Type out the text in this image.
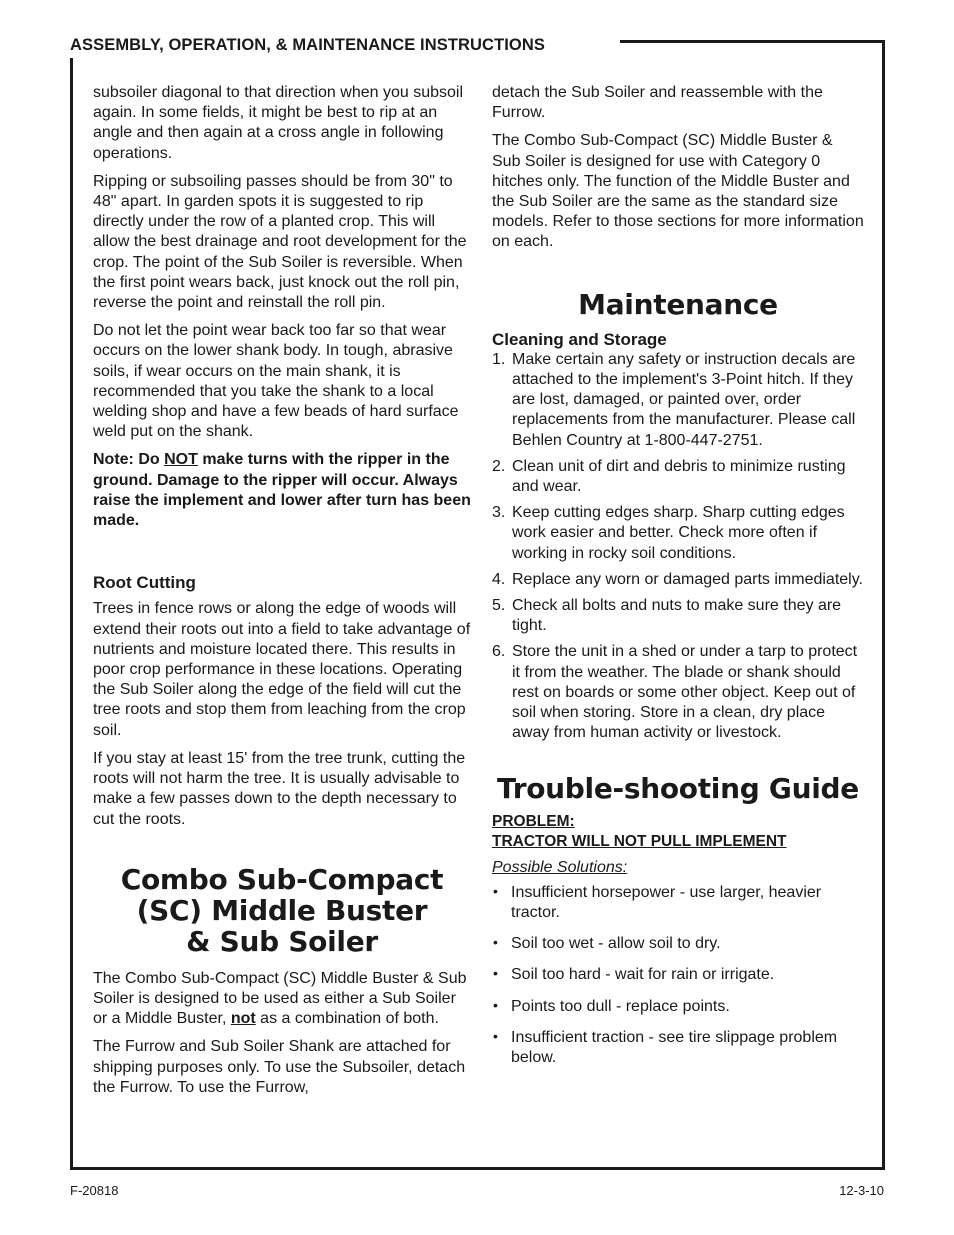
ASSEMBLY, OPERATION, & MAINTENANCE INSTRUCTIONS

subsoiler diagonal to that direction when you subsoil again. In some fields, it might be best to rip at an angle and then again at a cross angle in following operations.

Ripping or subsoiling passes should be from 30" to 48" apart. In garden spots it is suggested to rip directly under the row of a planted crop. This will allow the best drainage and root development for the crop. The point of the Sub Soiler is reversible. When the first point wears back, just knock out the roll pin, reverse the point and reinstall the roll pin.

Do not let the point wear back too far so that wear occurs on the lower shank body. In tough, abrasive soils, if wear occurs on the main shank, it is recommended that you take the shank to a local welding shop and have a few beads of hard surface weld put on the shank.

Note: Do NOT make turns with the ripper in the ground. Damage to the ripper will occur. Always raise the implement and lower after turn has been made.

Root Cutting

Trees in fence rows or along the edge of woods will extend their roots out into a field to take advantage of nutrients and moisture located there. This results in poor crop performance in these locations. Operating the Sub Soiler along the edge of the field will cut the tree roots and stop them from leaching from the crop soil.

If you stay at least 15' from the tree trunk, cutting the roots will not harm the tree. It is usually advisable to make a few passes down to the depth necessary to cut the roots.

Combo Sub-Compact
(SC) Middle Buster
& Sub Soiler

The Combo Sub-Compact (SC) Middle Buster & Sub Soiler is designed to be used as either a Sub Soiler or a Middle Buster, not as a combination of both.

The Furrow and Sub Soiler Shank are attached for shipping purposes only. To use the Subsoiler, detach the Furrow. To use the Furrow,

detach the Sub Soiler and reassemble with the Furrow.

The Combo Sub-Compact (SC) Middle Buster & Sub Soiler is designed for use with Category 0 hitches only. The function of the Middle Buster and the Sub Soiler are the same as the standard size models. Refer to those sections for more information on each.

Maintenance
Cleaning and Storage
1. Make certain any safety or instruction decals are attached to the implement's 3-Point hitch. If they are lost, damaged, or painted over, order replacements from the manufacturer. Please call Behlen Country at 1-800-447-2751.
2. Clean unit of dirt and debris to minimize rusting and wear.
3. Keep cutting edges sharp. Sharp cutting edges work easier and better. Check more often if working in rocky soil conditions.
4. Replace any worn or damaged parts immediately.
5. Check all bolts and nuts to make sure they are tight.
6. Store the unit in a shed or under a tarp to protect it from the weather. The blade or shank should rest on boards or some other object. Keep out of soil when storing. Store in a clean, dry place away from human activity or livestock.
Trouble-shooting Guide
PROBLEM:
TRACTOR WILL NOT PULL IMPLEMENT
Possible Solutions:
• Insufficient horsepower - use larger, heavier tractor.
• Soil too wet - allow soil to dry.
• Soil too hard - wait for rain or irrigate.
• Points too dull - replace points.
• Insufficient traction - see tire slippage problem below.
F-20818	12-3-10
